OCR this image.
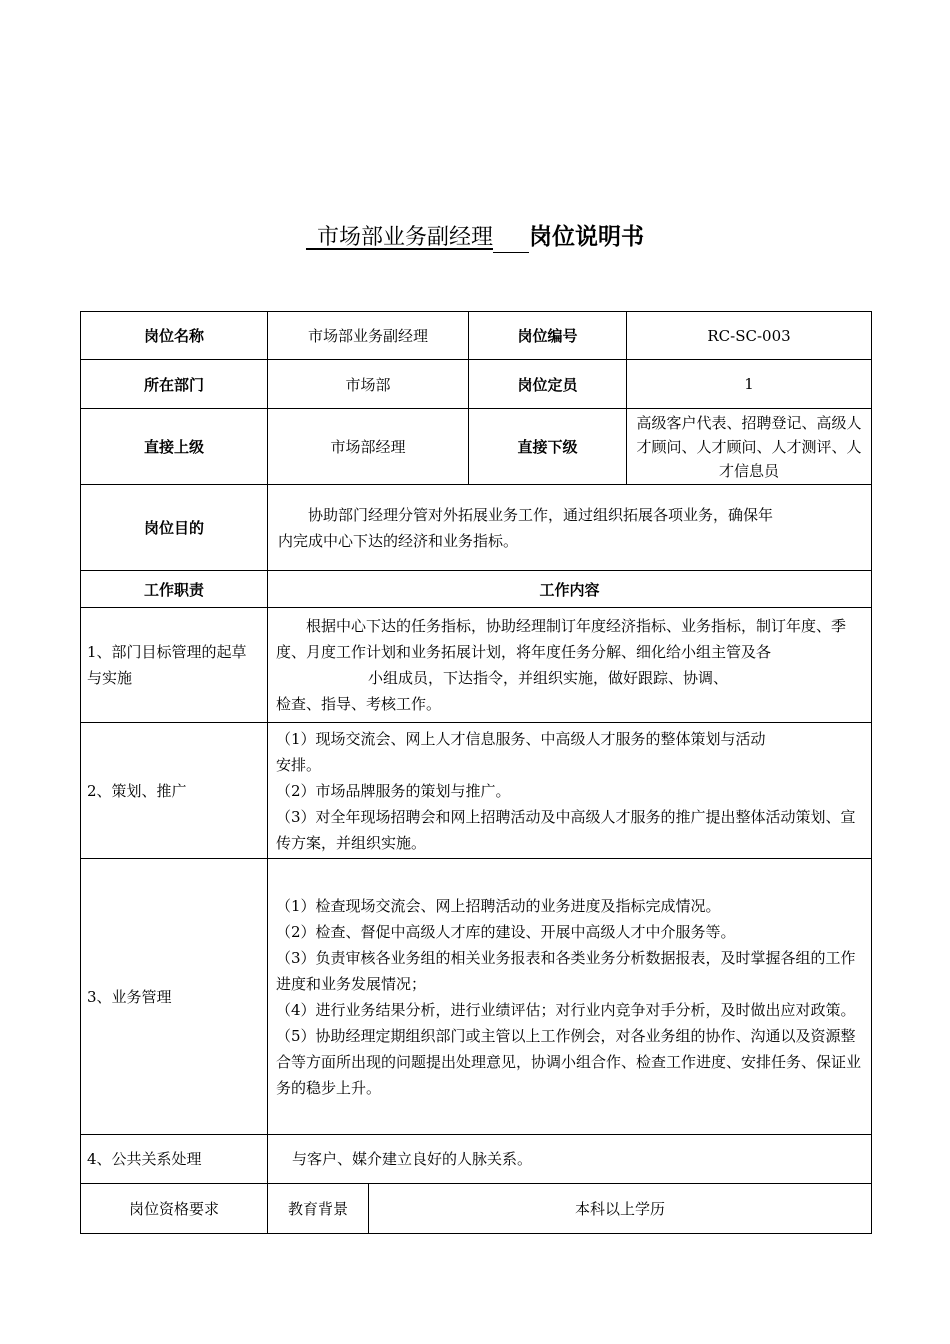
_市场部业务副经理 岗位说明书
岗位名称	市场部业务副经理		岗位编号	RC-SC-003
所在部门	市场部		岗位定员	1
直接上级	市场部经理		直接下级	高级客户代表、招聘登记、高级人才顾问、人才顾问、人才测评、人才信息员
岗位目的	协助部门经理分管对外拓展业务工作，通过组织拓展各项业务，确保年

内完成中心下达的经济和业务指标。			

工作职责	工作内容			
1、部门目标管理的起草与实施	根据中心下达的任务指标，协助经理制订年度经济指标、业务指标，制订年度、季度、月度工作计划和业务拓展计划，将年度任务分解、细化给小组主管及各

小组成员，下达指令，并组织实施，做好跟踪、协调、

检查、指导、考核工作。			

2、策划、推广	（1）现场交流会、网上人才信息服务、中高级人才服务的整体策划与活动

安排。

（2）市场品牌服务的策划与推广。

（3）对全年现场招聘会和网上招聘活动及中高级人才服务的推广提出整体活动策划、宣传方案，并组织实施。			

3、业务管理	（1）检查现场交流会、网上招聘活动的业务进度及指标完成情况。

（2）检查、督促中高级人才库的建设、开展中高级人才中介服务等。

（3）负责审核各业务组的相关业务报表和各类业务分析数据报表，及时掌握各组的工作进度和业务发展情况；

（4）进行业务结果分析，进行业绩评估；对行业内竞争对手分析，及时做出应对政策。

（5）协助经理定期组织部门或主管以上工作例会，对各业务组的协作、沟通以及资源整合等方面所出现的问题提出处理意见，协调小组合作、检查工作进度、安排任务、保证业务的稳步上升。			

4、公共关系处理	与客户、媒介建立良好的人脉关系。			
岗位资格要求	教育背景	本科以上学历		
